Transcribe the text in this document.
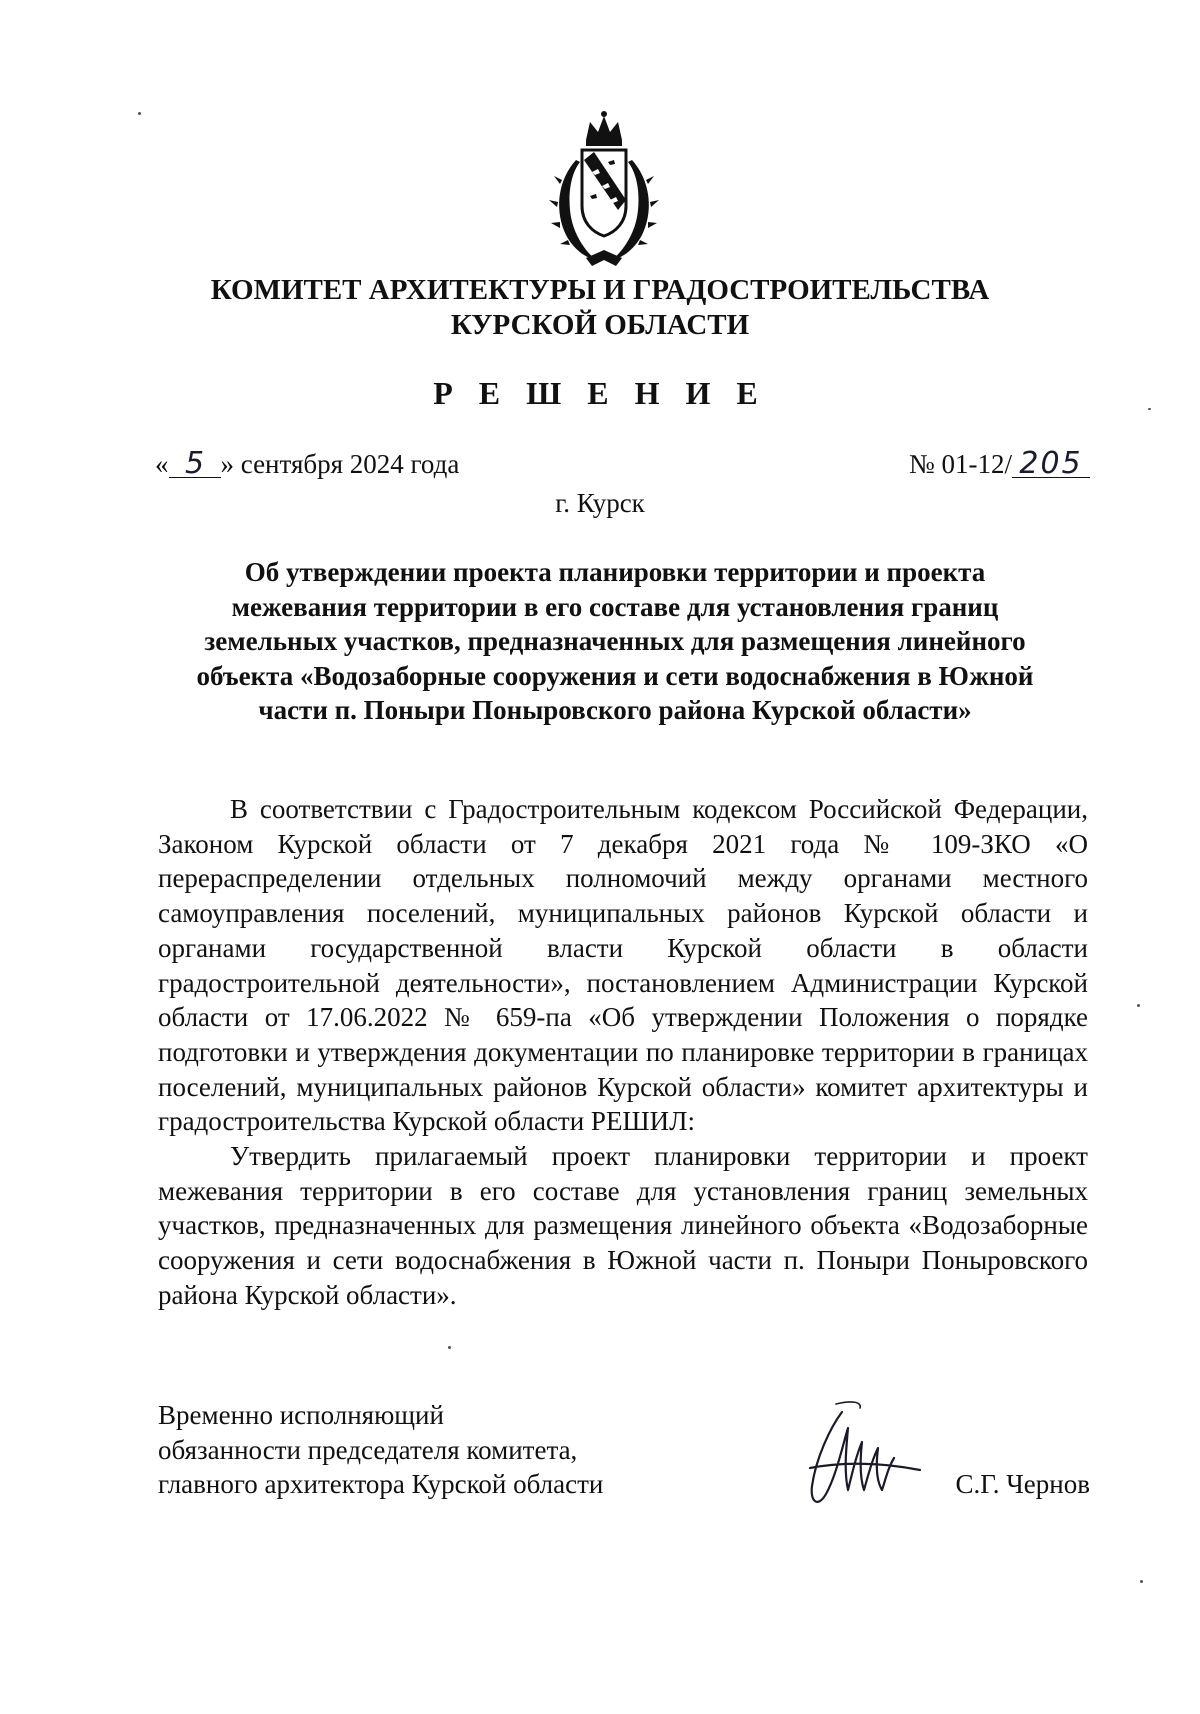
КОМИТЕТ АРХИТЕКТУРЫ И ГРАДОСТРОИТЕЛЬСТВА
КУРСКОЙ ОБЛАСТИ
Р Е Ш Е Н И Е
« 5 » сентября 2024 года	№ 01-12/ 205
г. Курск
Об утверждении проекта планировки территории и проекта
межевания территории в его составе для установления границ
земельных участков, предназначенных для размещения линейного
объекта «Водозаборные сооружения и сети водоснабжения в Южной
части п. Поныри Поныровского района Курской области»

В соответствии с Градостроительным кодексом Российской Федерации, Законом Курской области от 7 декабря 2021 года № 109-ЗКО «О перераспределении отдельных полномочий между органами местного самоуправления поселений, муниципальных районов Курской области и органами государственной власти Курской области в области градостроительной деятельности», постановлением Администрации Курской области от 17.06.2022 № 659-па «Об утверждении Положения о порядке подготовки и утверждения документации по планировке территории в границах поселений, муниципальных районов Курской области» комитет архитектуры и градостроительства Курской области РЕШИЛ:

Утвердить прилагаемый проект планировки территории и проект межевания территории в его составе для установления границ земельных участков, предназначенных для размещения линейного объекта «Водозаборные сооружения и сети водоснабжения в Южной части п. Поныри Поныровского района Курской области».

Временно исполняющий
обязанности председателя комитета,
главного архитектора Курской области	С.Г. Чернов
